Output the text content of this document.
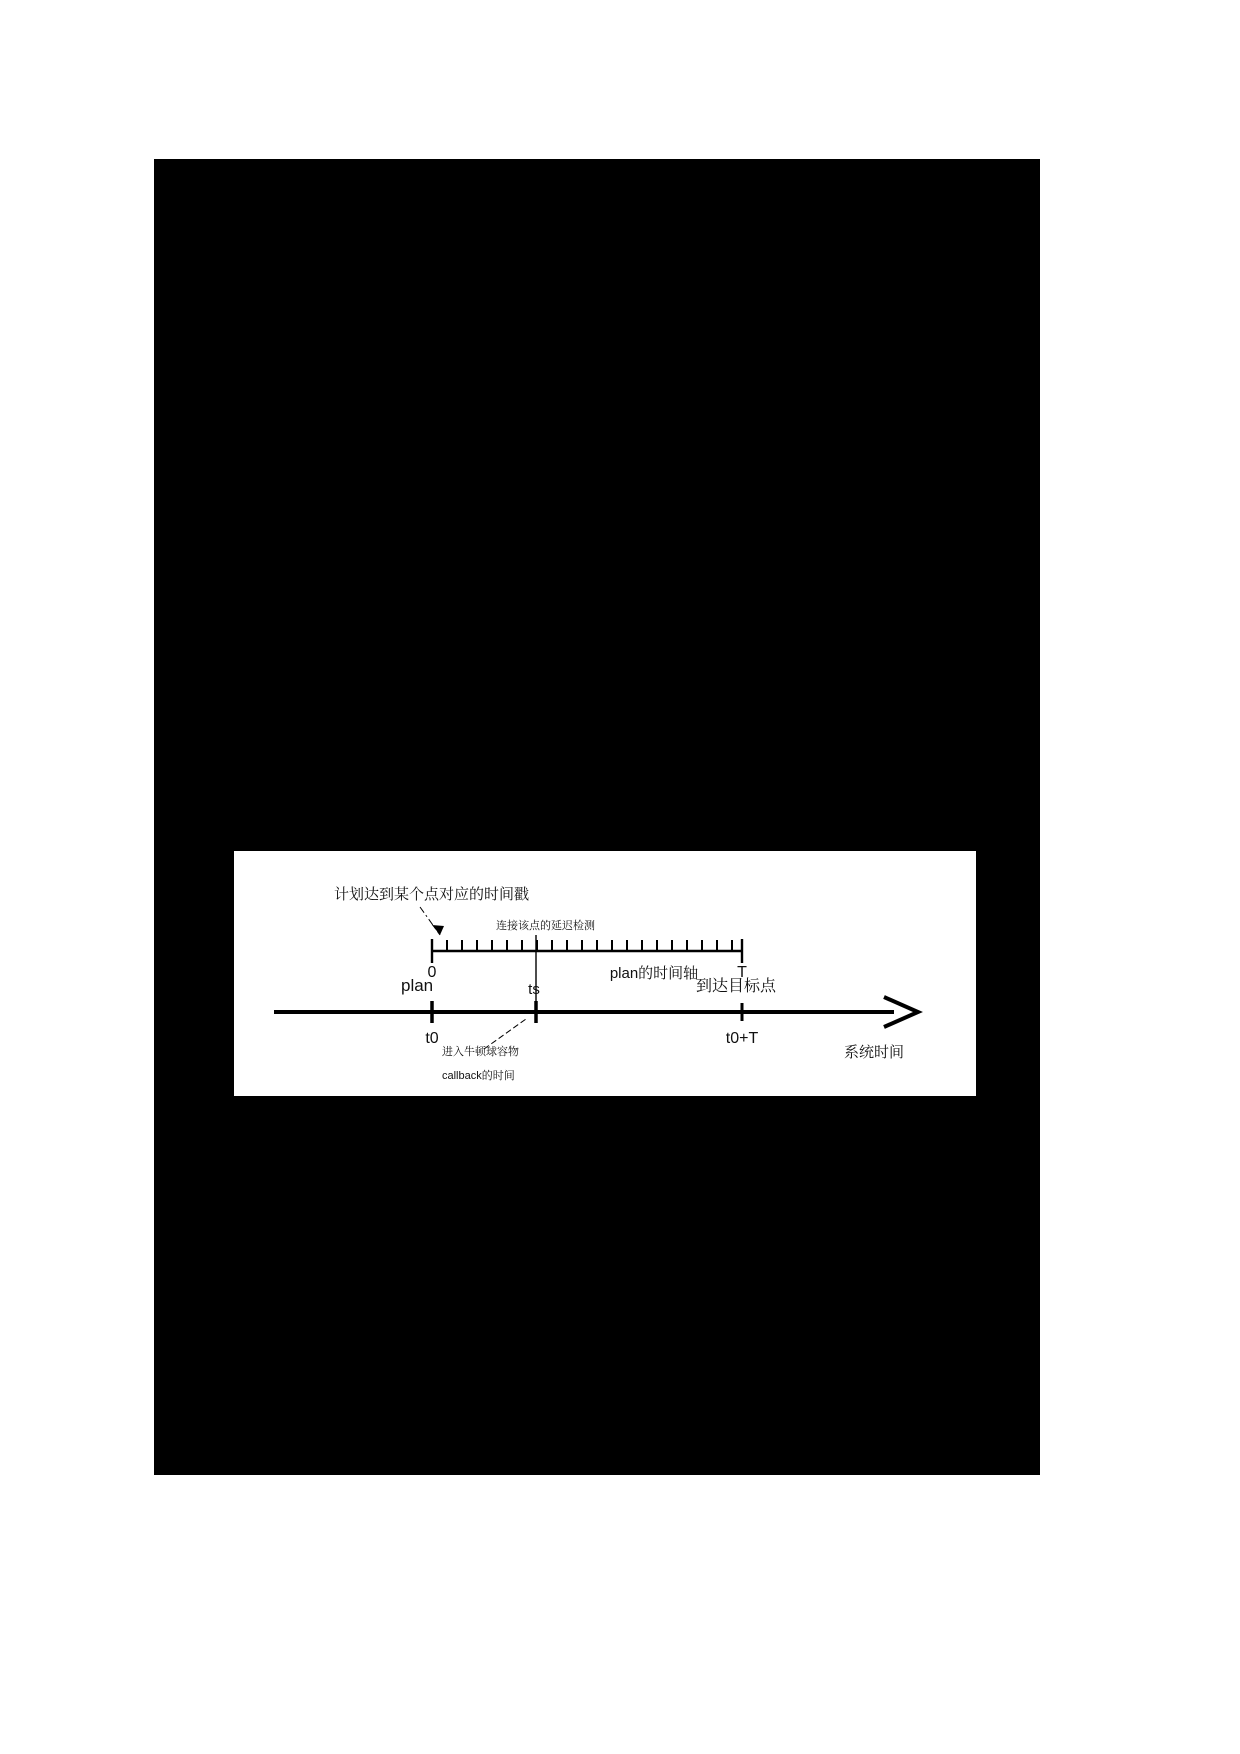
0	T
plan的时间轴
计划达到某个点对应的时间戳
连接该点的延迟检测
t0
ts
t0+T
plan	到达目标点
系统时间
进入牛顿球容物
callback的时间
